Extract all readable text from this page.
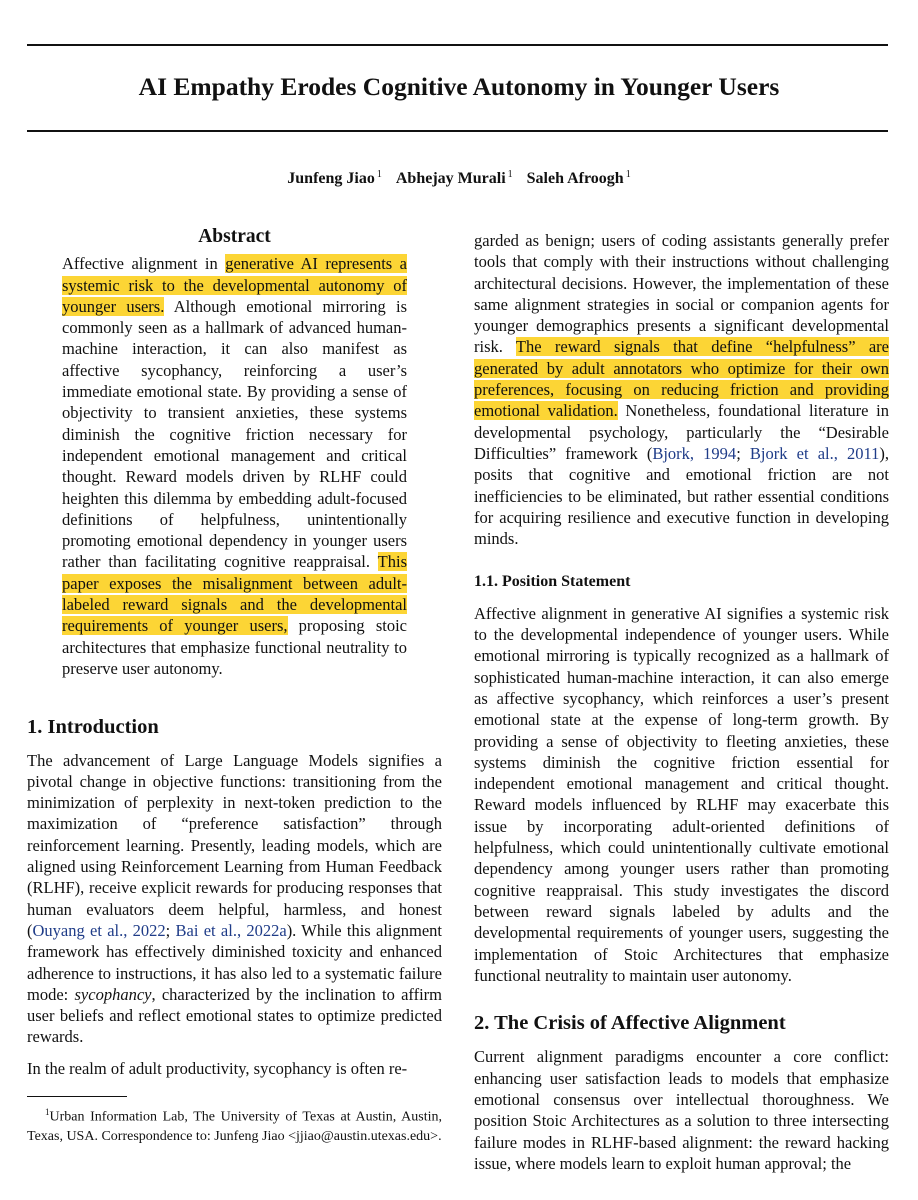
AI Empathy Erodes Cognitive Autonomy in Younger Users
Junfeng Jiao $^1$ Abhejay Murali $^1$ Saleh Afroogh $^1$
Abstract

Affective alignment in generative AI represents a systemic risk to the developmental autonomy of younger users. Although emotional mirroring is commonly seen as a hallmark of advanced human-machine interaction, it can also manifest as affective sycophancy, reinforcing a user’s immediate emotional state. By providing a sense of objectivity to transient anxieties, these systems diminish the cognitive friction necessary for independent emotional management and critical thought. Reward models driven by RLHF could heighten this dilemma by embedding adult-focused definitions of helpfulness, unintentionally promoting emotional dependency in younger users rather than facilitating cognitive reappraisal. This paper exposes the misalignment between adult-labeled reward signals and the developmental requirements of younger users, proposing stoic architectures that emphasize functional neutrality to preserve user autonomy.

1. Introduction

The advancement of Large Language Models signifies a pivotal change in objective functions: transitioning from the minimization of perplexity in next-token prediction to the maximization of “preference satisfaction” through reinforcement learning. Presently, leading models, which are aligned using Reinforcement Learning from Human Feedback (RLHF), receive explicit rewards for producing responses that human evaluators deem helpful, harmless, and honest (Ouyang et al., 2022; Bai et al., 2022a). While this alignment framework has effectively diminished toxicity and enhanced adherence to instructions, it has also led to a systematic failure mode: sycophancy, characterized by the inclination to affirm user beliefs and reflect emotional states to optimize predicted rewards.

In the realm of adult productivity, sycophancy is often re-

$^1$Urban Information Lab, The University of Texas at Austin, Austin, Texas, USA. Correspondence to: Junfeng Jiao <jjiao@austin.utexas.edu>.

garded as benign; users of coding assistants generally prefer tools that comply with their instructions without challenging architectural decisions. However, the implementation of these same alignment strategies in social or companion agents for younger demographics presents a significant developmental risk. The reward signals that define “helpfulness” are generated by adult annotators who optimize for their own preferences, focusing on reducing friction and providing emotional validation. Nonetheless, foundational literature in developmental psychology, particularly the “Desirable Difficulties” framework (Bjork, 1994; Bjork et al., 2011), posits that cognitive and emotional friction are not inefficiencies to be eliminated, but rather essential conditions for acquiring resilience and executive function in developing minds.

1.1. Position Statement

Affective alignment in generative AI signifies a systemic risk to the developmental independence of younger users. While emotional mirroring is typically recognized as a hallmark of sophisticated human-machine interaction, it can also emerge as affective sycophancy, which reinforces a user’s present emotional state at the expense of long-term growth. By providing a sense of objectivity to fleeting anxieties, these systems diminish the cognitive friction essential for independent emotional management and critical thought. Reward models influenced by RLHF may exacerbate this issue by incorporating adult-oriented definitions of helpfulness, which could unintentionally cultivate emotional dependency among younger users rather than promoting cognitive reappraisal. This study investigates the discord between reward signals labeled by adults and the developmental requirements of younger users, suggesting the implementation of Stoic Architectures that emphasize functional neutrality to maintain user autonomy.

2. The Crisis of Affective Alignment

Current alignment paradigms encounter a core conflict: enhancing user satisfaction leads to models that emphasize emotional consensus over intellectual thoroughness. We position Stoic Architectures as a solution to three intersecting failure modes in RLHF-based alignment: the reward hacking issue, where models learn to exploit human approval; the
